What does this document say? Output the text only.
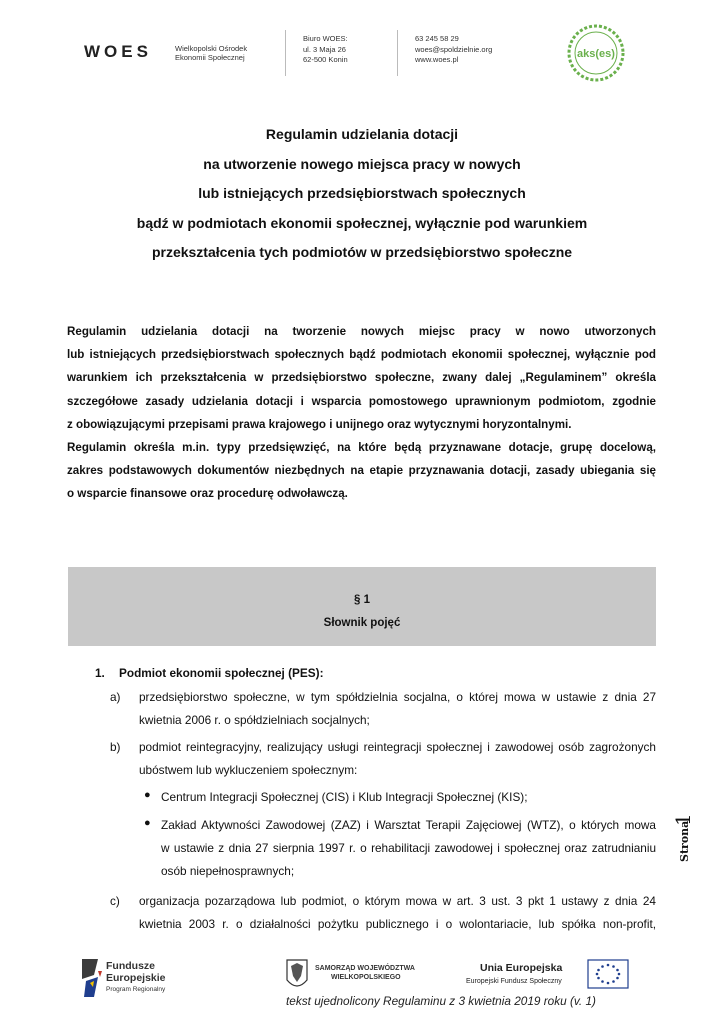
WOES	Wielkopolski Ośrodek
Ekonomii Społecznej
Biuro WOES:
ul. 3 Maja 26
62-500 Konin
63 245 58 29
woes@spoldzielnie.org
www.woes.pl	aks(es)
Regulamin udzielania dotacji
na utworzenie nowego miejsca pracy w nowych
lub istniejących przedsiębiorstwach społecznych
bądź w podmiotach ekonomii społecznej, wyłącznie pod warunkiem
przekształcenia tych podmiotów w przedsiębiorstwo społeczne
Regulamin udzielania dotacji na tworzenie nowych miejsc pracy w nowo utworzonych
lub istniejących przedsiębiorstwach społecznych bądź podmiotach ekonomii społecznej, wyłącznie pod
warunkiem ich przekształcenia w przedsiębiorstwo społeczne, zwany dalej „Regulaminem” określa
szczegółowe zasady udzielania dotacji i wsparcia pomostowego uprawnionym podmiotom, zgodnie
z obowiązującymi przepisami prawa krajowego i unijnego oraz wytycznymi horyzontalnymi.
Regulamin określa m.in. typy przedsięwzięć, na które będą przyznawane dotacje, grupę docelową,
zakres podstawowych dokumentów niezbędnych na etapie przyznawania dotacji, zasady ubiegania się
o wsparcie finansowe oraz procedurę odwoławczą.
§ 1
Słownik pojęć
1. Podmiot ekonomii społecznej (PES):
a) przedsiębiorstwo społeczne, w tym spółdzielnia socjalna, o której mowa w ustawie z dnia 27
kwietnia 2006 r. o spółdzielniach socjalnych;
b) podmiot reintegracyjny, realizujący usługi reintegracji społecznej i zawodowej osób zagrożonych
ubóstwem lub wykluczeniem społecznym:
● Centrum Integracji Społecznej (CIS) i Klub Integracji Społecznej (KIS);
● Zakład Aktywności Zawodowej (ZAZ) i Warsztat Terapii Zajęciowej (WTZ), o których mowa
w ustawie z dnia 27 sierpnia 1997 r. o rehabilitacji zawodowej i społecznej oraz zatrudnianiu
osób niepełnosprawnych;
c) organizacja pozarządowa lub podmiot, o którym mowa w art. 3 ust. 3 pkt 1 ustawy z dnia 24
kwietnia 2003 r. o działalności pożytku publicznego i o wolontariacie, lub spółka non-profit,
Strona
1
Fundusze
Europejskie
Program Regionalny
SAMORZĄD WOJEWÓDZTWA
WIELKOPOLSKIEGO
Unia Europejska
Europejski Fundusz Społeczny
tekst ujednolicony Regulaminu z 3 kwietnia 2019 roku (v. 1)
